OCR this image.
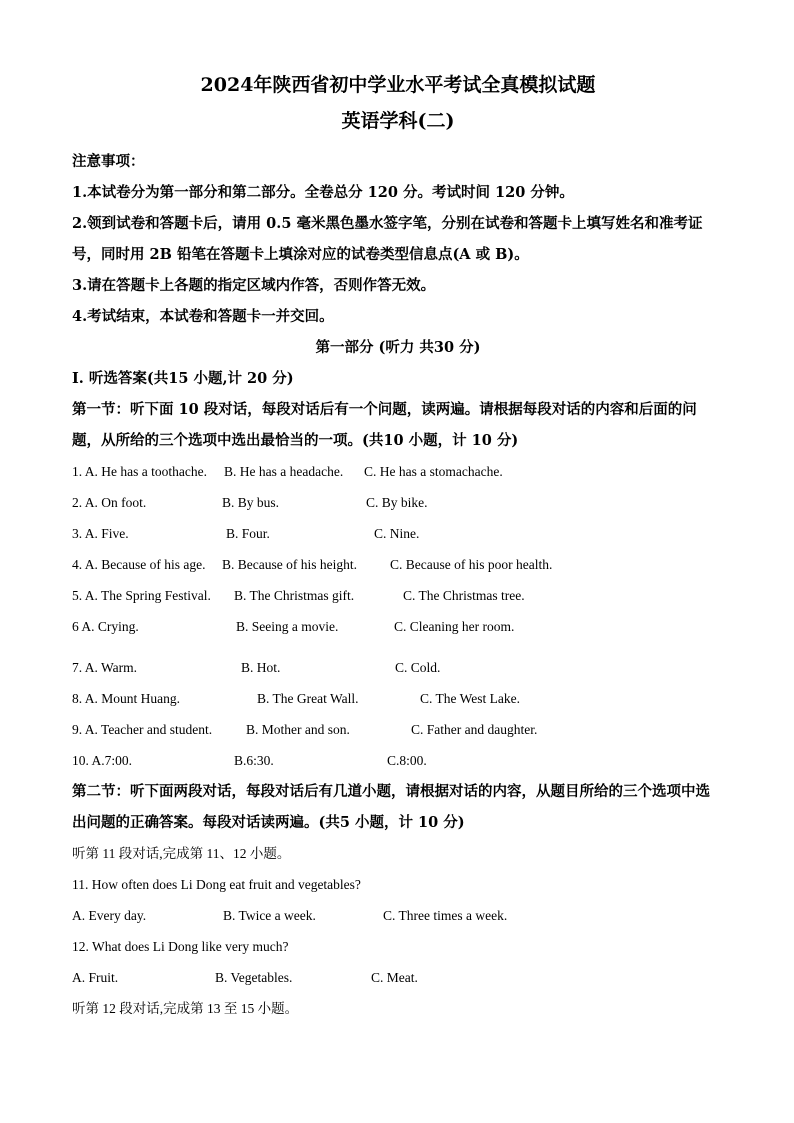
2024年陕西省初中学业水平考试全真模拟试题

英语学科(二)

注意事项：

1.本试卷分为第一部分和第二部分。全卷总分 120 分。考试时间 120 分钟。

2.领到试卷和答题卡后，请用 0.5 毫米黑色墨水签字笔，分别在试卷和答题卡上填写姓名和准考证号，同时用 2B 铅笔在答题卡上填涂对应的试卷类型信息点(A 或 B)。

3.请在答题卡上各题的指定区域内作答，否则作答无效。

4.考试结束，本试卷和答题卡一并交回。

第一部分 (听力 共30 分)

Ⅰ. 听选答案(共15 小题,计 20 分)

第一节：听下面 10 段对话，每段对话后有一个问题，读两遍。请根据每段对话的内容和后面的问题，从所给的三个选项中选出最恰当的一项。(共10 小题，计 10 分)

1. A. He has a toothache.	B. He has a headache.	C. He has a stomachache.

2. A. On foot.	B. By bus.	C. By bike.

3. A. Five.	B. Four.	C. Nine.

4. A. Because of his age.	B. Because of his height.	C. Because of his poor health.

5. A. The Spring Festival.	B. The Christmas gift.	C. The Christmas tree.

6 A. Crying.	B. Seeing a movie.	C. Cleaning her room.

7. A. Warm.	B. Hot.	C. Cold.

8. A. Mount Huang.	B. The Great Wall.	C. The West Lake.

9. A. Teacher and student.	B. Mother and son.	C. Father and daughter.

10. A.7:00.	B.6:30.	C.8:00.

第二节：听下面两段对话，每段对话后有几道小题，请根据对话的内容，从题目所给的三个选项中选出问题的正确答案。每段对话读两遍。(共5 小题，计 10 分)

听第 11 段对话,完成第 11、12 小题。

11. How often does Li Dong eat fruit and vegetables?

A. Every day.	B. Twice a week.	C. Three times a week.

12. What does Li Dong like very much?

A. Fruit.	B. Vegetables.	C. Meat.

听第 12 段对话,完成第 13 至 15 小题。
